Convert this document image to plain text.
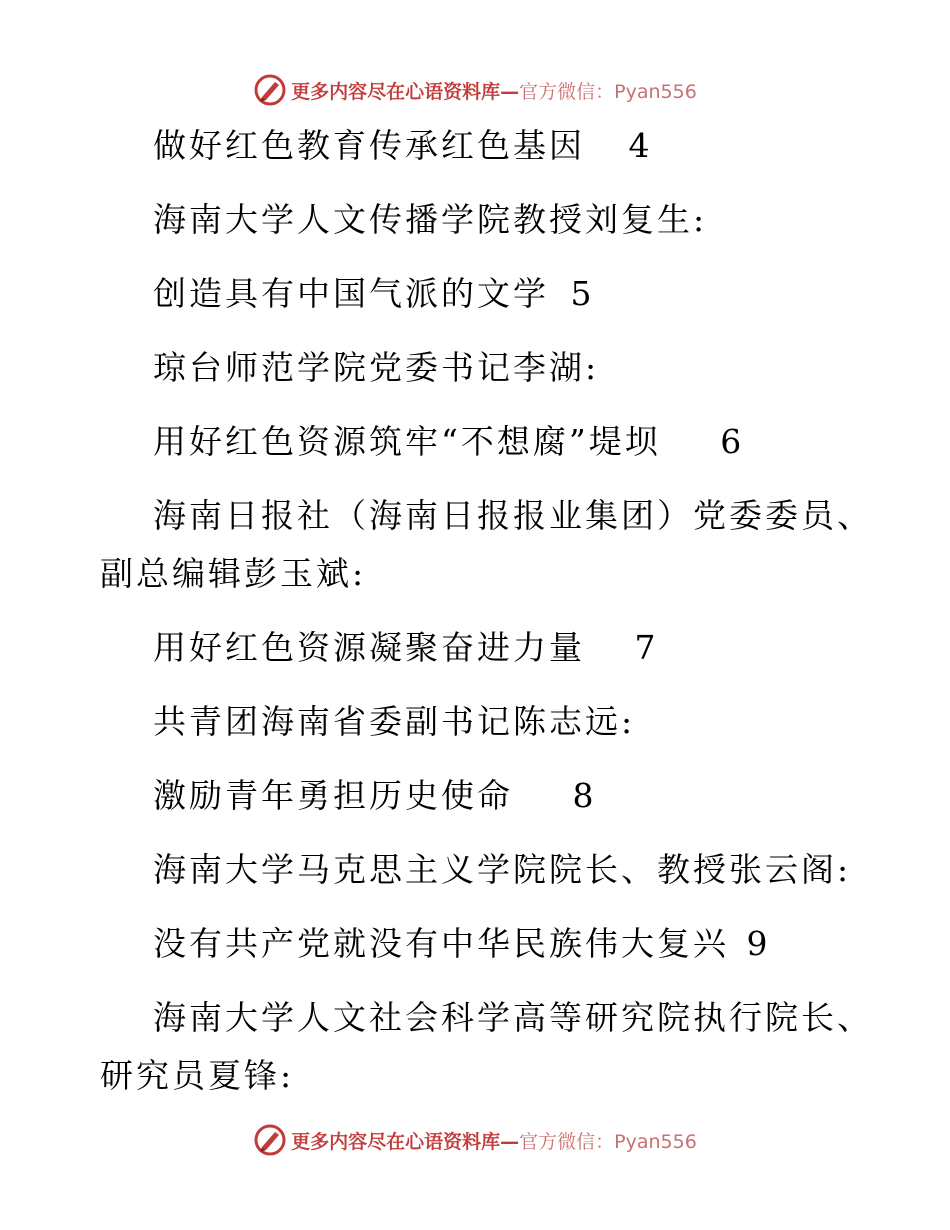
更多内容尽在心语资料库—官方微信：Pyan556
做好红色教育传承红色基因 4
海南大学人文传播学院教授刘复生:
创造具有中国气派的文学 5
琼台师范学院党委书记李湖:
用好红色资源筑牢“不想腐”堤坝 6
海南日报社（海南日报报业集团）党委委员、
副总编辑彭玉斌:
用好红色资源凝聚奋进力量 7
共青团海南省委副书记陈志远:
激励青年勇担历史使命 8
海南大学马克思主义学院院长、教授张云阁:
没有共产党就没有中华民族伟大复兴 9
海南大学人文社会科学高等研究院执行院长、
研究员夏锋:
更多内容尽在心语资料库—官方微信：Pyan556
